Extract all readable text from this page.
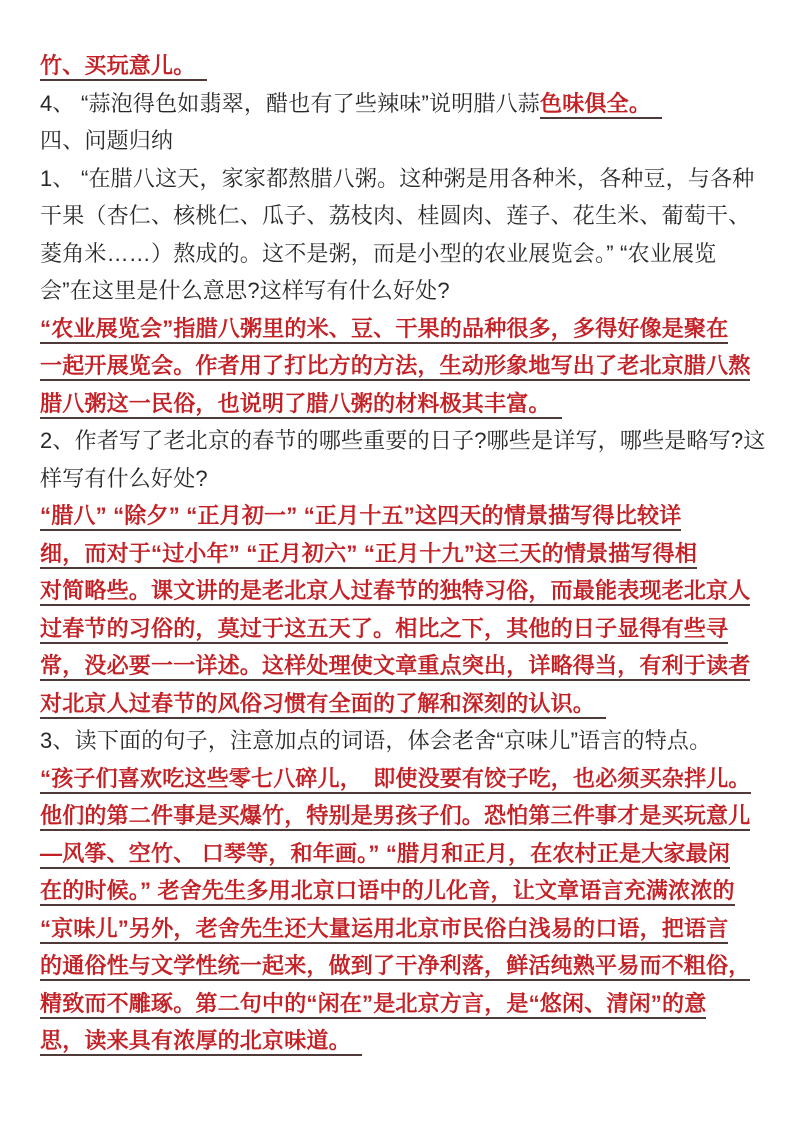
竹、买玩意儿。　
4、 “蒜泡得色如翡翠，醋也有了些辣味”说明腊八蒜色味俱全。　
四、问题归纳
1、 “在腊八这天，家家都熬腊八粥。这种粥是用各种米，各种豆，与各种
干果（杏仁、核桃仁、瓜子、荔枝肉、桂圆肉、莲子、花生米、葡萄干、
菱角米……）熬成的。这不是粥，而是小型的农业展览会。” “农业展览
会”在这里是什么意思?这样写有什么好处?
“农业展览会”指腊八粥里的米、豆、干果的品种很多，多得好像是聚在
一起开展览会。作者用了打比方的方法，生动形象地写出了老北京腊八熬
腊八粥这一民俗，也说明了腊八粥的材料极其丰富。　
2、作者写了老北京的春节的哪些重要的日子?哪些是详写，哪些是略写?这
样写有什么好处?
“腊八” “除夕” “正月初一” “正月十五”这四天的情景描写得比较详
细，而对于“过小年” “正月初六” “正月十九”这三天的情景描写得相
对简略些。课文讲的是老北京人过春节的独特习俗，而最能表现老北京人
过春节的习俗的，莫过于这五天了。相比之下，其他的日子显得有些寻
常，没必要一一详述。这样处理使文章重点突出，详略得当，有利于读者
对北京人过春节的风俗习惯有全面的了解和深刻的认识。　
3、读下面的句子，注意加点的词语，体会老舍“京味儿”语言的特点。
“孩子们喜欢吃这些零七八碎儿，　即使没要有饺子吃，也必须买杂拌儿。
他们的第二件事是买爆竹，特别是男孩子们。恐怕第三件事才是买玩意儿
—风筝、空竹、 口琴等，和年画。” “腊月和正月，在农村正是大家最闲
在的时候。” 老舍先生多用北京口语中的儿化音，让文章语言充满浓浓的
“京味儿”另外，老舍先生还大量运用北京市民俗白浅易的口语，把语言
的通俗性与文学性统一起来，做到了干净利落，鲜活纯熟平易而不粗俗，
精致而不雕琢。第二句中的“闲在”是北京方言，是“悠闲、清闲”的意
思，读来具有浓厚的北京味道。　
